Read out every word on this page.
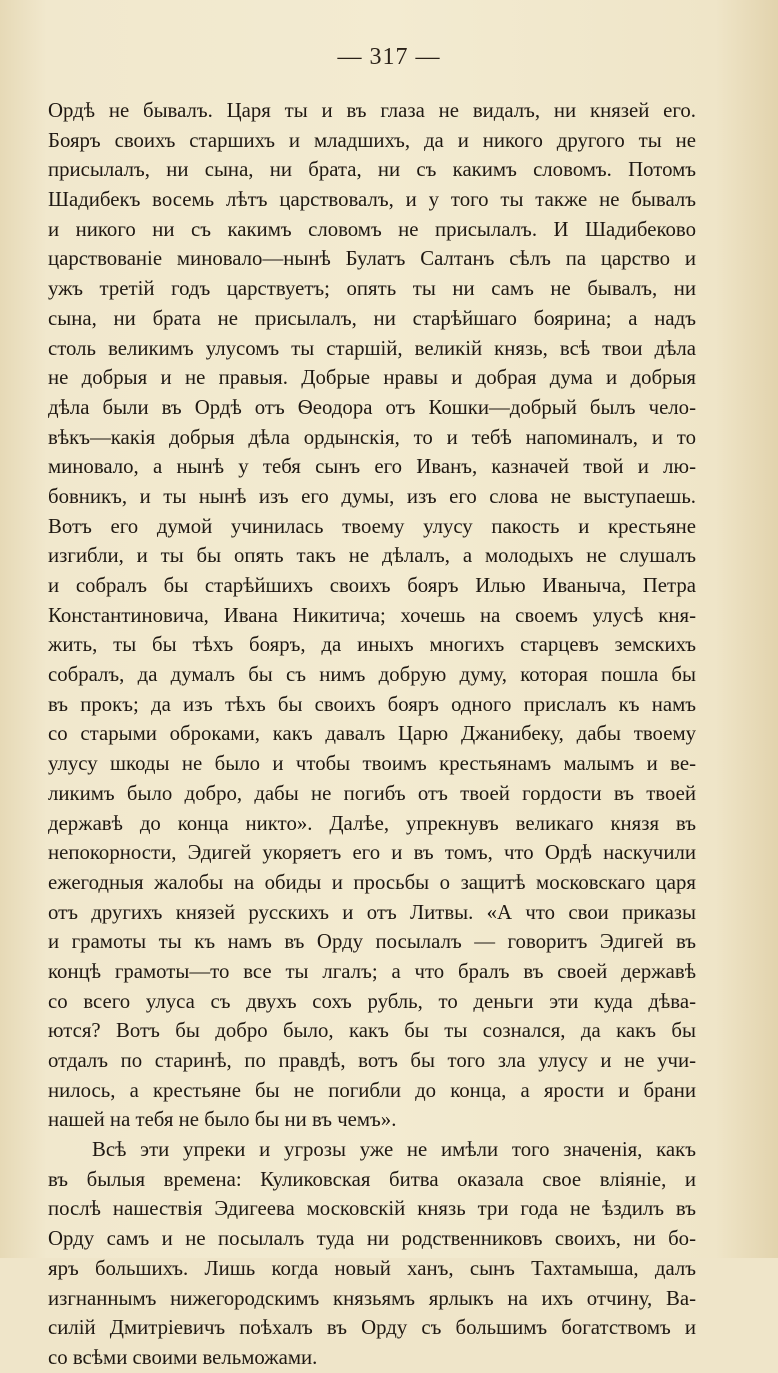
— 317 —
Ордѣ не бывалъ. Царя ты и въ глаза не видалъ, ни князей его.
Бояръ своихъ старшихъ и младшихъ, да и никого другого ты не
присылалъ, ни сына, ни брата, ни съ какимъ словомъ. Потомъ
Шадибекъ восемь лѣтъ царствовалъ, и у того ты также не бывалъ
и никого ни съ какимъ словомъ не присылалъ. И Шадибеково
царствованіе миновало—нынѣ Булатъ Салтанъ сѣлъ па царство и
ужъ третій годъ царствуетъ; опять ты ни самъ не бывалъ, ни
сына, ни брата не присылалъ, ни старѣйшаго боярина; а надъ
столь великимъ улусомъ ты старшій, великій князь, всѣ твои дѣла
не добрыя и не правыя. Добрые нравы и добрая дума и добрыя
дѣла были въ Ордѣ отъ Ѳеодора отъ Кошки—добрый былъ чело-
вѣкъ—какія добрыя дѣла ордынскія, то и тебѣ напоминалъ, и то
миновало, а нынѣ у тебя сынъ его Иванъ, казначей твой и лю-
бовникъ, и ты нынѣ изъ его думы, изъ его слова не выступаешь.
Вотъ его думой учинилась твоему улусу пакость и крестьяне
изгибли, и ты бы опять такъ не дѣлалъ, а молодыхъ не слушалъ
и собралъ бы старѣйшихъ своихъ бояръ Илью Иваныча, Петра
Константиновича, Ивана Никитича; хочешь на своемъ улусѣ кня-
жить, ты бы тѣхъ бояръ, да иныхъ многихъ старцевъ земскихъ
собралъ, да думалъ бы съ нимъ добрую думу, которая пошла бы
въ прокъ; да изъ тѣхъ бы своихъ бояръ одного прислалъ къ намъ
со старыми оброками, какъ давалъ Царю Джанибеку, дабы твоему
улусу шкоды не было и чтобы твоимъ крестьянамъ малымъ и ве-
ликимъ было добро, дабы не погибъ отъ твоей гордости въ твоей
державѣ до конца никто». Далѣе, упрекнувъ великаго князя въ
непокорности, Эдигей укоряетъ его и въ томъ, что Ордѣ наскучили
ежегодныя жалобы на обиды и просьбы о защитѣ московскаго царя
отъ другихъ князей русскихъ и отъ Литвы. «А что свои приказы
и грамоты ты къ намъ въ Орду посылалъ — говоритъ Эдигей въ
концѣ грамоты—то все ты лгалъ; а что бралъ въ своей державѣ
со всего улуса съ двухъ сохъ рубль, то деньги эти куда дѣва-
ются? Вотъ бы добро было, какъ бы ты сознался, да какъ бы
отдалъ по старинѣ, по правдѣ, вотъ бы того зла улусу и не учи-
нилось, а крестьяне бы не погибли до конца, а ярости и брани
нашей на тебя не было бы ни въ чемъ».
Всѣ эти упреки и угрозы уже не имѣли того значенія, какъ
въ былыя времена: Куликовская битва оказала свое вліяніе, и
послѣ нашествія Эдигеева московскій князь три года не ѣздилъ въ
Орду самъ и не посылалъ туда ни родственниковъ своихъ, ни бо-
яръ большихъ. Лишь когда новый ханъ, сынъ Тахтамыша, далъ
изгнаннымъ нижегородскимъ князьямъ ярлыкъ на ихъ отчину, Ва-
силій Дмитріевичъ поѣхалъ въ Орду съ большимъ богатствомъ и
со всѣми своими вельможами.
